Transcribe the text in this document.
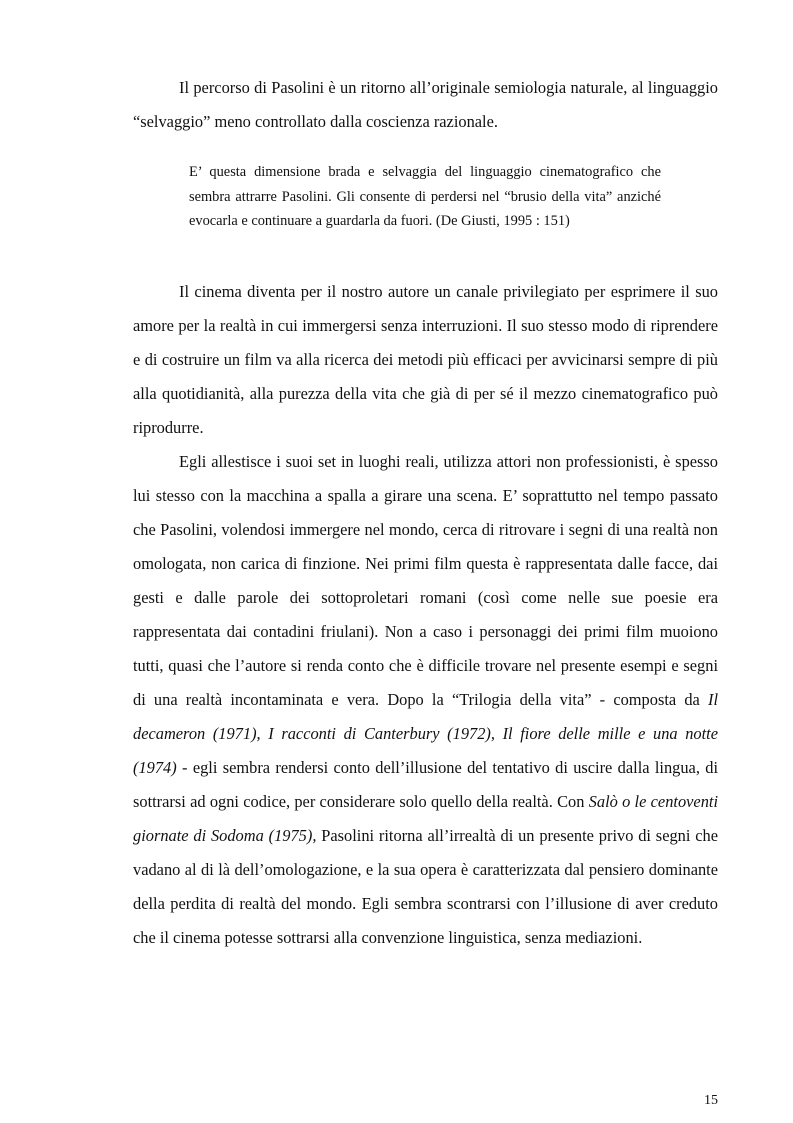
Il percorso di Pasolini è un ritorno all’originale semiologia naturale, al linguaggio “selvaggio” meno controllato dalla coscienza razionale.

E’ questa dimensione brada e selvaggia del linguaggio cinematografico che sembra attrarre Pasolini. Gli consente di perdersi nel “brusio della vita” anziché evocarla e continuare a guardarla da fuori. (De Giusti, 1995 : 151)

Il cinema diventa per il nostro autore un canale privilegiato per esprimere il suo amore per la realtà in cui immergersi senza interruzioni. Il suo stesso modo di riprendere e di costruire un film va alla ricerca dei metodi più efficaci per avvicinarsi sempre di più alla quotidianità, alla purezza della vita che già di per sé il mezzo cinematografico può riprodurre.

Egli allestisce i suoi set in luoghi reali, utilizza attori non professionisti, è spesso lui stesso con la macchina a spalla a girare una scena. E’ soprattutto nel tempo passato che Pasolini, volendosi immergere nel mondo, cerca di ritrovare i segni di una realtà non omologata, non carica di finzione. Nei primi film questa è rappresentata dalle facce, dai gesti e dalle parole dei sottoproletari romani (così come nelle sue poesie era rappresentata dai contadini friulani). Non a caso i personaggi dei primi film muoiono tutti, quasi che l’autore si renda conto che è difficile trovare nel presente esempi e segni di una realtà incontaminata e vera. Dopo la “Trilogia della vita” - composta da Il decameron (1971), I racconti di Canterbury (1972), Il fiore delle mille e una notte (1974) - egli sembra rendersi conto dell’illusione del tentativo di uscire dalla lingua, di sottrarsi ad ogni codice, per considerare solo quello della realtà. Con Salò o le centoventi giornate di Sodoma (1975), Pasolini ritorna all’irrealtà di un presente privo di segni che vadano al di là dell’omologazione, e la sua opera è caratterizzata dal pensiero dominante della perdita di realtà del mondo. Egli sembra scontrarsi con l’illusione di aver creduto che il cinema potesse sottrarsi alla convenzione linguistica, senza mediazioni.

15
